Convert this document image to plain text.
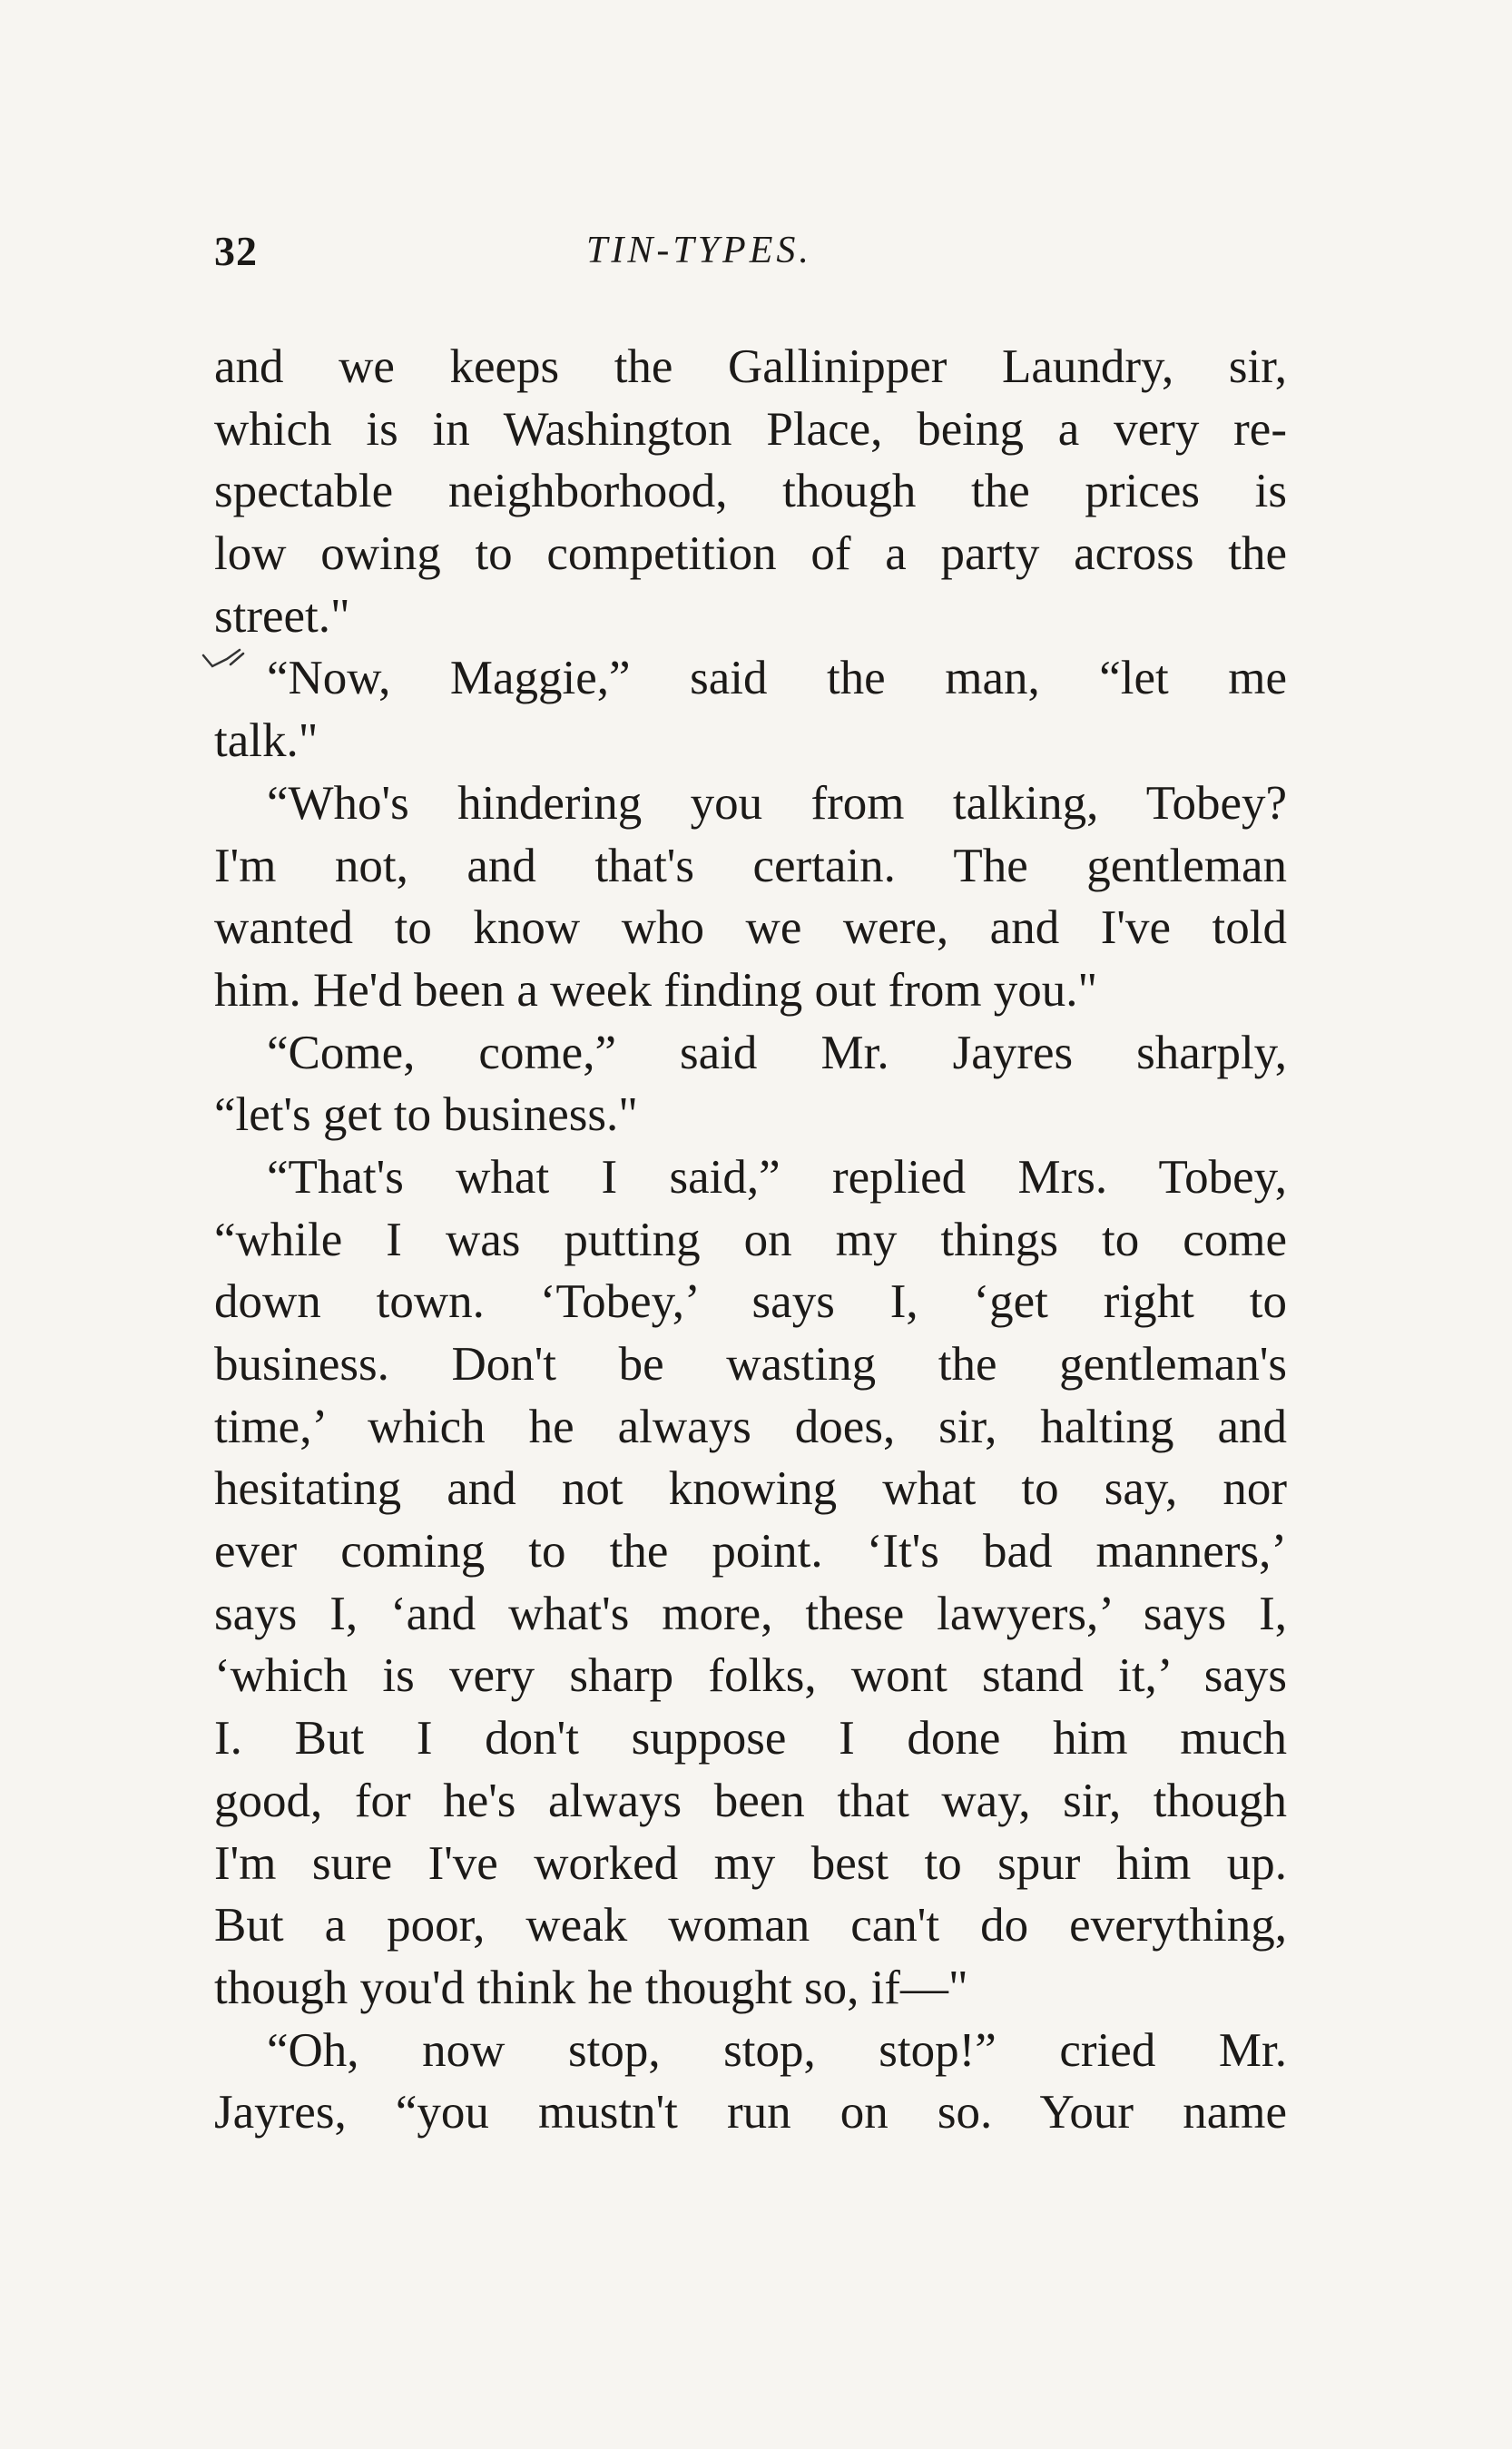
32	TIN-TYPES.
and we keeps the Gallinipper Laundry, sir,
which is in Washington Place, being a very re-
spectable neighborhood, though the prices is
low owing to competition of a party across the
street."
“Now, Maggie,” said the man, “let me
talk."
“Who's hindering you from talking, Tobey?
I'm not, and that's certain. The gentleman
wanted to know who we were, and I've told
him. He'd been a week finding out from you."
“Come, come,” said Mr. Jayres sharply,
“let's get to business."
“That's what I said,” replied Mrs. Tobey,
“while I was putting on my things to come
down town. ‘Tobey,’ says I, ‘get right to
business. Don't be wasting the gentleman's
time,’ which he always does, sir, halting and
hesitating and not knowing what to say, nor
ever coming to the point. ‘It's bad manners,’
says I, ‘and what's more, these lawyers,’ says I,
‘which is very sharp folks, wont stand it,’ says
I. But I don't suppose I done him much
good, for he's always been that way, sir, though
I'm sure I've worked my best to spur him up.
But a poor, weak woman can't do everything,
though you'd think he thought so, if—"
“Oh, now stop, stop, stop!” cried Mr.
Jayres, “you mustn't run on so. Your name
